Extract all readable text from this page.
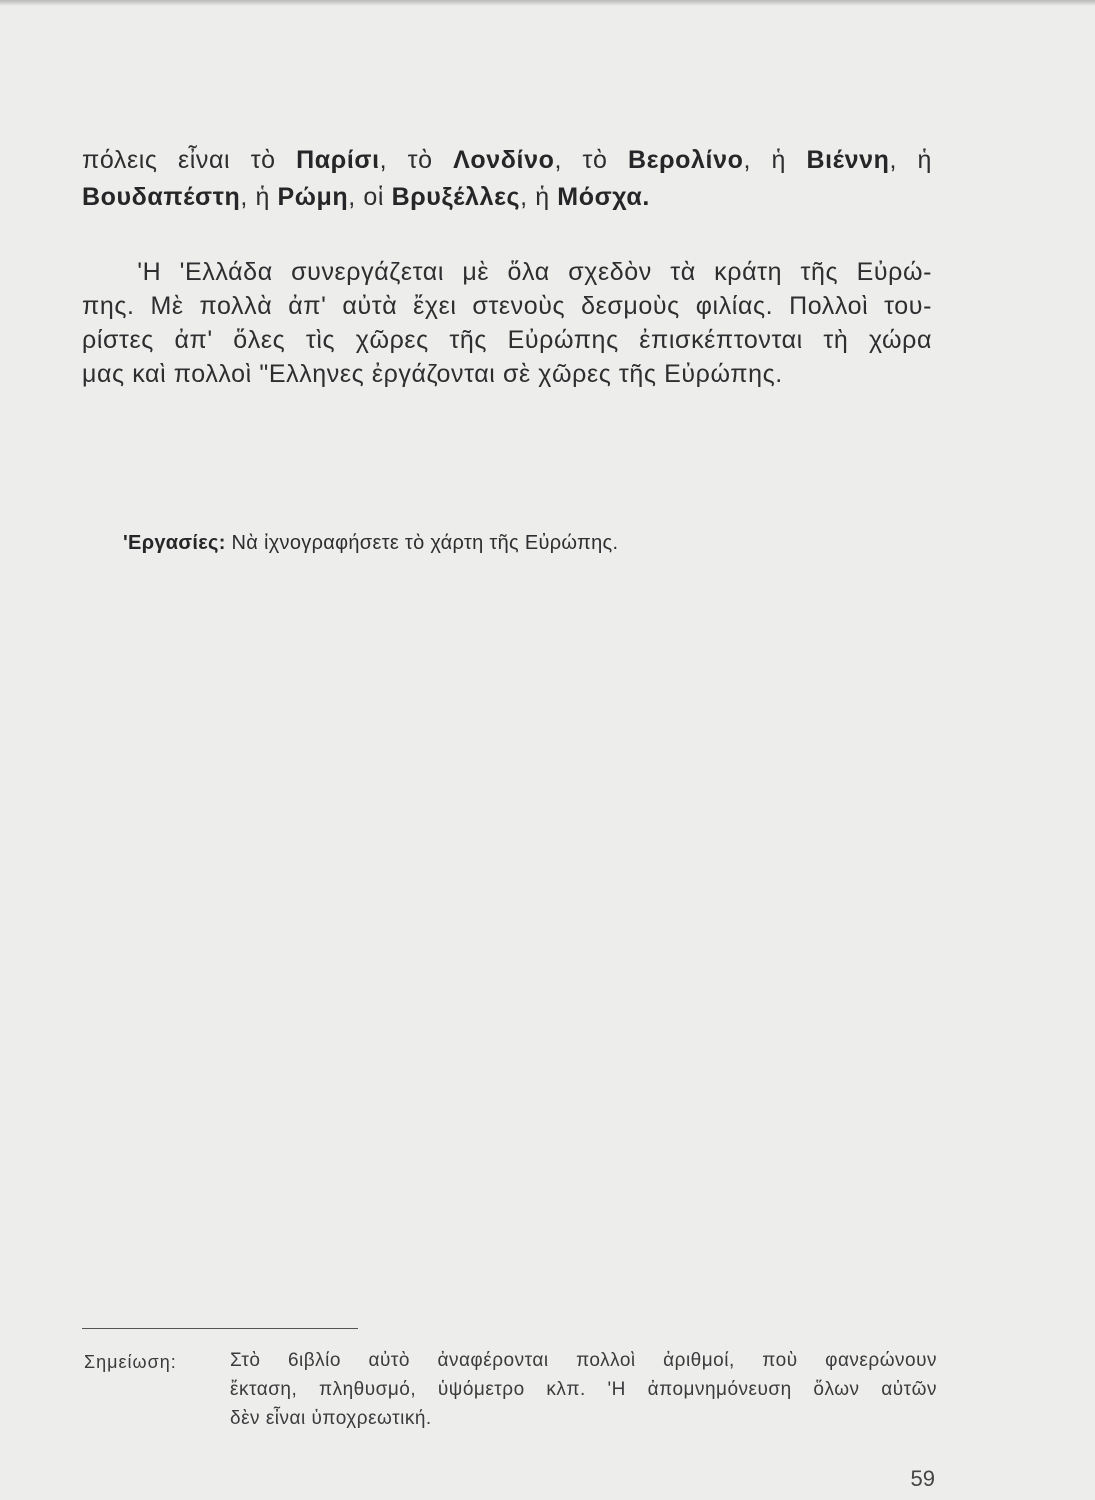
πόλεις εἶναι τὸ Παρίσι, τὸ Λονδίνο, τὸ Βερολίνο, ἡ Βιέννη, ἡ
Βουδαπέστη, ἡ Ρώμη, οἱ Βρυξέλλες, ἡ Μόσχα.
'Η 'Ελλάδα συνεργάζεται μὲ ὅλα σχεδὸν τὰ κράτη τῆς Εὐρώ-
πης. Μὲ πολλὰ ἀπ' αὐτὰ ἔχει στενοὺς δεσμοὺς φιλίας. Πολλοὶ του-
ρίστες ἀπ' ὅλες τὶς χῶρες τῆς Εὐρώπης ἐπισκέπτονται τὴ χώρα
μας καὶ πολλοὶ "Ελληνες ἐργάζονται σὲ χῶρες τῆς Εὐρώπης.
'Εργασίες: Νὰ ἰχνογραφήσετε τὸ χάρτη τῆς Εὐρώπης.
Σημείωση:	Στὸ 6ιβλίο αὐτὸ ἀναφέρονται πολλοὶ ἀριθμοί, ποὺ φανερώνουν
ἔκταση, πληθυσμό, ὑψόμετρο κλπ. 'Η ἀπομνημόνευση ὅλων αὐτῶν
δὲν εἶναι ὑποχρεωτική.
59
